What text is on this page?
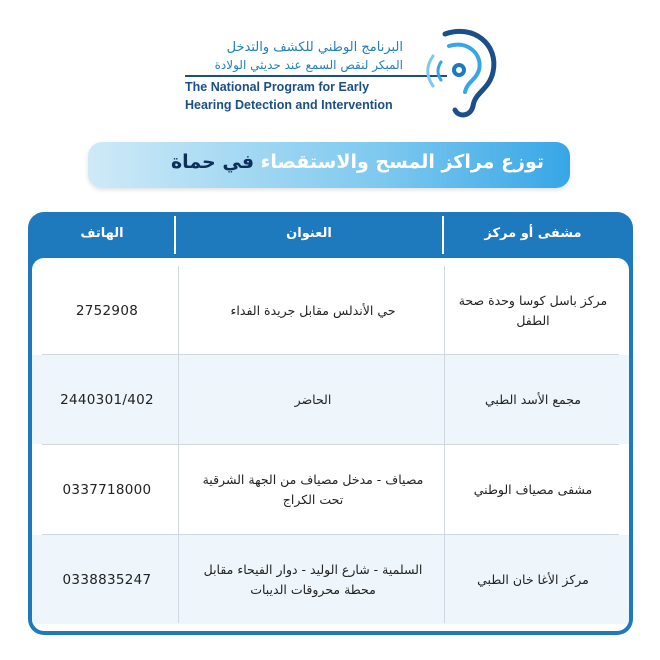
البرنامج الوطني للكشف والتدخل
المبكر لنقص السمع عند حديثي الولادة
The National Program for Early
Hearing Detection and Intervention
توزع مراكز المسح والاستقصاء في حماة
مشفى أو مركز
العنوان
الهاتف
مركز باسل كوسا وحدة صحة الطفل
حي الأندلس مقابل جريدة الفداء
2752908
مجمع الأسد الطبي
الحاضر
2440301/402
مشفى مصياف الوطني
مصياف - مدخل مصياف من الجهة الشرقية تحت الكراج
0337718000
مركز الأغا خان الطبي
السلمية - شارع الوليد - دوار الفيحاء مقابل محطة محروقات الديبات
0338835247
